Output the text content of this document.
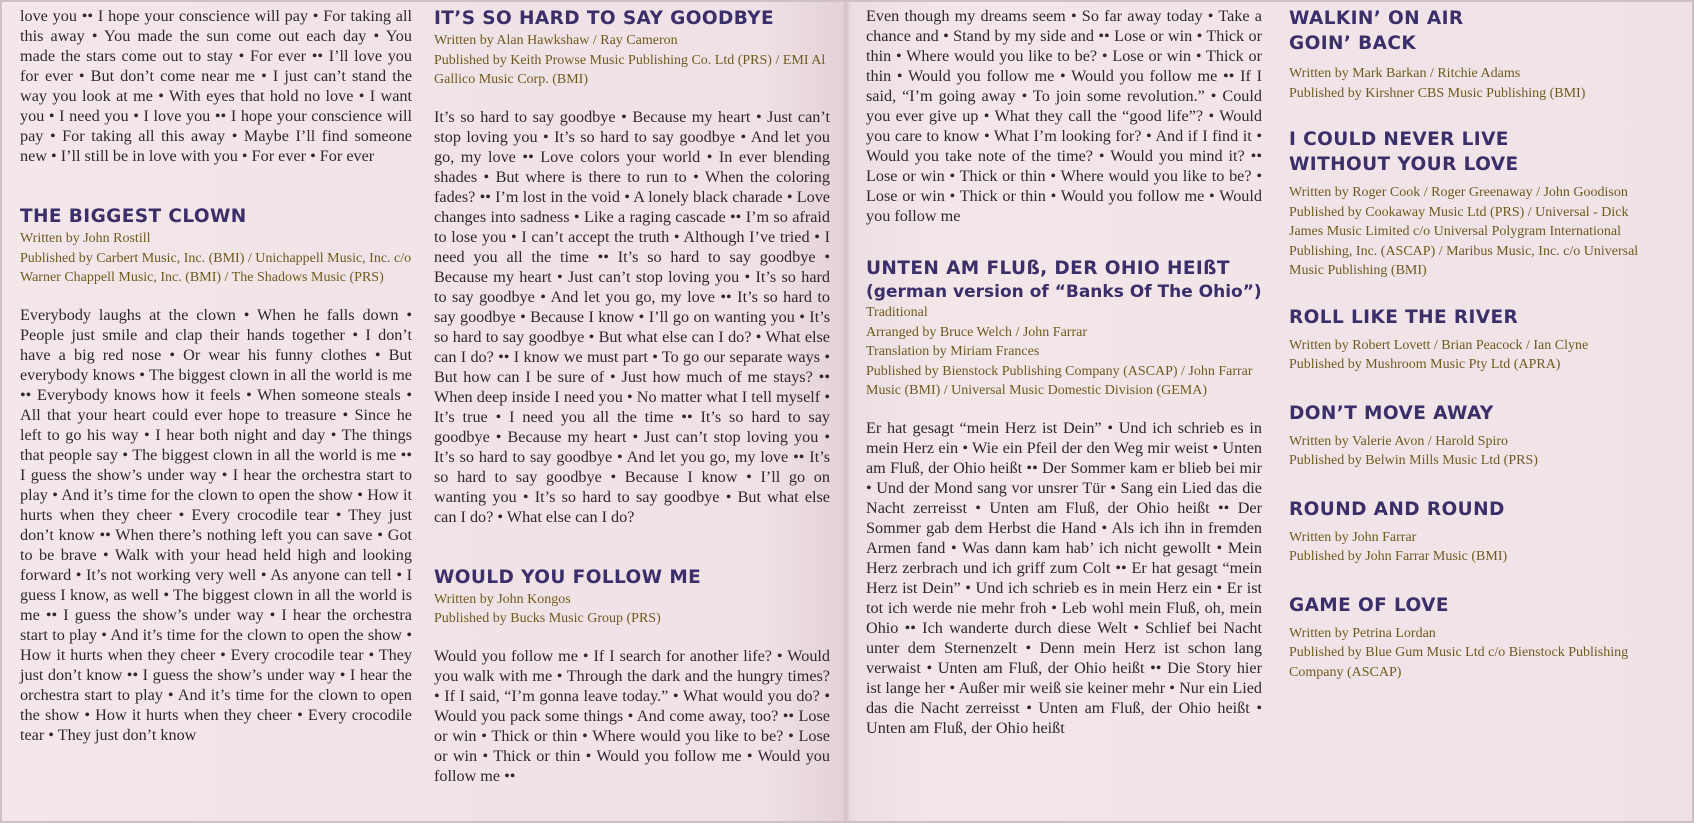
love you •• I hope your conscience will pay • For taking all this away • You made the sun come out each day • You made the stars come out to stay • For ever •• I’ll love you for ever • But don’t come near me • I just can’t stand the way you look at me • With eyes that hold no love • I want you • I need you • I love you •• I hope your conscience will pay • For taking all this away • Maybe I’ll find someone new • I’ll still be in love with you • For ever • For ever

THE BIGGEST CLOWN

Written by John Rostill

Published by Carbert Music, Inc. (BMI) / Unichappell Music, Inc. c/o Warner Chappell Music, Inc. (BMI) / The Shadows Music (PRS)

Everybody laughs at the clown • When he falls down • People just smile and clap their hands together • I don’t have a big red nose • Or wear his funny clothes • But everybody knows • The biggest clown in all the world is me •• Everybody knows how it feels • When someone steals • All that your heart could ever hope to treasure • Since he left to go his way • I hear both night and day • The things that people say • The biggest clown in all the world is me •• I guess the show’s under way • I hear the orchestra start to play • And it’s time for the clown to open the show • How it hurts when they cheer • Every crocodile tear • They just don’t know •• When there’s nothing left you can save • Got to be brave • Walk with your head held high and looking forward • It’s not working very well • As anyone can tell • I guess I know, as well • The biggest clown in all the world is me •• I guess the show’s under way • I hear the orchestra start to play • And it’s time for the clown to open the show • How it hurts when they cheer • Every crocodile tear • They just don’t know •• I guess the show’s under way • I hear the orchestra start to play • And it’s time for the clown to open the show • How it hurts when they cheer • Every crocodile tear • They just don’t know

IT’S SO HARD TO SAY GOODBYE

Written by Alan Hawkshaw / Ray Cameron

Published by Keith Prowse Music Publishing Co. Ltd (PRS) / EMI Al Gallico Music Corp. (BMI)

It’s so hard to say goodbye • Because my heart • Just can’t stop loving you • It’s so hard to say goodbye • And let you go, my love •• Love colors your world • In ever blending shades • But where is there to run to • When the coloring fades? •• I’m lost in the void • A lonely black charade • Love changes into sadness • Like a raging cascade •• I’m so afraid to lose you • I can’t accept the truth • Although I’ve tried • I need you all the time •• It’s so hard to say goodbye • Because my heart • Just can’t stop loving you • It’s so hard to say goodbye • And let you go, my love •• It’s so hard to say goodbye • Because I know • I’ll go on wanting you • It’s so hard to say goodbye • But what else can I do? • What else can I do? •• I know we must part • To go our separate ways • But how can I be sure of • Just how much of me stays? •• When deep inside I need you • No matter what I tell myself • It’s true • I need you all the time •• It’s so hard to say goodbye • Because my heart • Just can’t stop loving you • It’s so hard to say goodbye • And let you go, my love •• It’s so hard to say goodbye • Because I know • I’ll go on wanting you • It’s so hard to say goodbye • But what else can I do? • What else can I do?

WOULD YOU FOLLOW ME

Written by John Kongos

Published by Bucks Music Group (PRS)

Would you follow me • If I search for another life? • Would you walk with me • Through the dark and the hungry times? • If I said, “I’m gonna leave today.” • What would you do? • Would you pack some things • And come away, too? •• Lose or win • Thick or thin • Where would you like to be? • Lose or win • Thick or thin • Would you follow me • Would you follow me ••

Even though my dreams seem • So far away today • Take a chance and • Stand by my side and •• Lose or win • Thick or thin • Where would you like to be? • Lose or win • Thick or thin • Would you follow me • Would you follow me •• If I said, “I’m going away • To join some revolution.” • Could you ever give up • What they call the “good life”? • Would you care to know • What I’m looking for? • And if I find it • Would you take note of the time? • Would you mind it? •• Lose or win • Thick or thin • Where would you like to be? • Lose or win • Thick or thin • Would you follow me • Would you follow me

UNTEN AM FLUß, DER OHIO HEIßT
(german version of “Banks Of The Ohio”)

Traditional

Arranged by Bruce Welch / John Farrar

Translation by Miriam Frances

Published by Bienstock Publishing Company (ASCAP) / John Farrar Music (BMI) / Universal Music Domestic Division (GEMA)

Er hat gesagt “mein Herz ist Dein” • Und ich schrieb es in mein Herz ein • Wie ein Pfeil der den Weg mir weist • Unten am Fluß, der Ohio heißt •• Der Sommer kam er blieb bei mir • Und der Mond sang vor unsrer Tür • Sang ein Lied das die Nacht zerreisst • Unten am Fluß, der Ohio heißt •• Der Sommer gab dem Herbst die Hand • Als ich ihn in fremden Armen fand • Was dann kam hab’ ich nicht gewollt • Mein Herz zerbrach und ich griff zum Colt •• Er hat gesagt “mein Herz ist Dein” • Und ich schrieb es in mein Herz ein • Er ist tot ich werde nie mehr froh • Leb wohl mein Fluß, oh, mein Ohio •• Ich wanderte durch diese Welt • Schlief bei Nacht unter dem Sternenzelt • Denn mein Herz ist schon lang verwaist • Unten am Fluß, der Ohio heißt •• Die Story hier ist lange her • Außer mir weiß sie keiner mehr • Nur ein Lied das die Nacht zerreisst • Unten am Fluß, der Ohio heißt • Unten am Fluß, der Ohio heißt

WALKIN’ ON AIR
GOIN’ BACK

Written by Mark Barkan / Ritchie Adams

Published by Kirshner CBS Music Publishing (BMI)

I COULD NEVER LIVE
WITHOUT YOUR LOVE

Written by Roger Cook / Roger Greenaway / John Goodison

Published by Cookaway Music Ltd (PRS) / Universal - Dick James Music Limited c/o Universal Polygram International Publishing, Inc. (ASCAP) / Maribus Music, Inc. c/o Universal Music Publishing (BMI)

ROLL LIKE THE RIVER

Written by Robert Lovett / Brian Peacock / Ian Clyne

Published by Mushroom Music Pty Ltd (APRA)

DON’T MOVE AWAY

Written by Valerie Avon / Harold Spiro

Published by Belwin Mills Music Ltd (PRS)

ROUND AND ROUND

Written by John Farrar

Published by John Farrar Music (BMI)

GAME OF LOVE

Written by Petrina Lordan

Published by Blue Gum Music Ltd c/o Bienstock Publishing Company (ASCAP)
